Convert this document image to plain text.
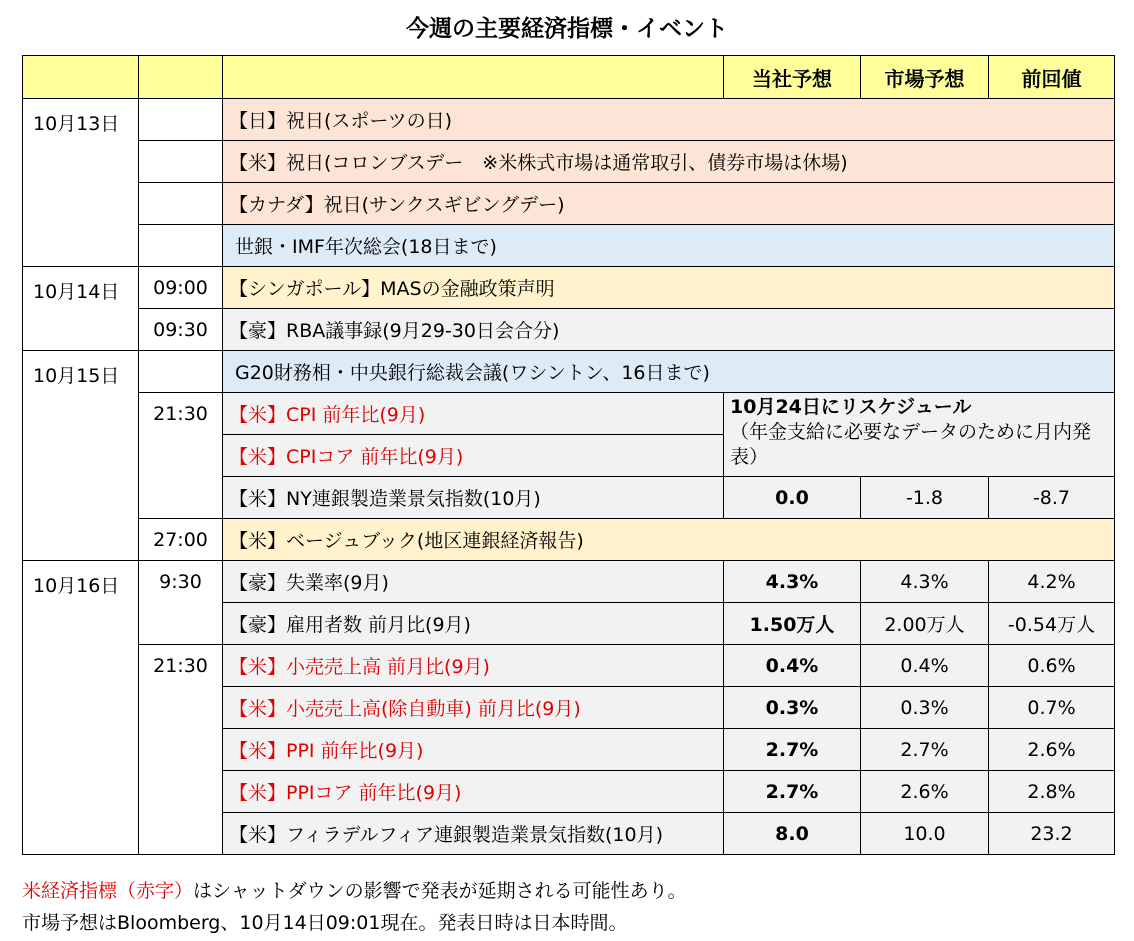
今週の主要経済指標・イベント
			当社予想	市場予想	前回値
10月13日		【日】祝日(スポーツの日)			
		【米】祝日(コロンブスデー　※米株式市場は通常取引、債券市場は休場)			
		【カナダ】祝日(サンクスギビングデー)			
		世銀・IMF年次総会(18日まで)			
10月14日	09:00	【シンガポール】MASの金融政策声明			
	09:30	【豪】RBA議事録(9月29-30日会合分)			
10月15日		G20財務相・中央銀行総裁会議(ワシントン、16日まで)			
	21:30	【米】CPI 前年比(9月)	10月24日にリスケジュール
（年金支給に必要なデータのために月内発表）		
		【米】CPIコア 前年比(9月)			
		【米】NY連銀製造業景気指数(10月)	0.0	-1.8	-8.7
	27:00	【米】ベージュブック(地区連銀経済報告)			
10月16日	9:30	【豪】失業率(9月)	4.3%	4.3%	4.2%
		【豪】雇用者数 前月比(9月)	1.50万人	2.00万人	-0.54万人
	21:30	【米】小売売上高 前月比(9月)	0.4%	0.4%	0.6%
		【米】小売売上高(除自動車) 前月比(9月)	0.3%	0.3%	0.7%
		【米】PPI 前年比(9月)	2.7%	2.7%	2.6%
		【米】PPIコア 前年比(9月)	2.7%	2.6%	2.8%
		【米】フィラデルフィア連銀製造業景気指数(10月)	8.0	10.0	23.2
米経済指標（赤字）はシャットダウンの影響で発表が延期される可能性あり。
市場予想はBloomberg、10月14日09:01現在。発表日時は日本時間。
